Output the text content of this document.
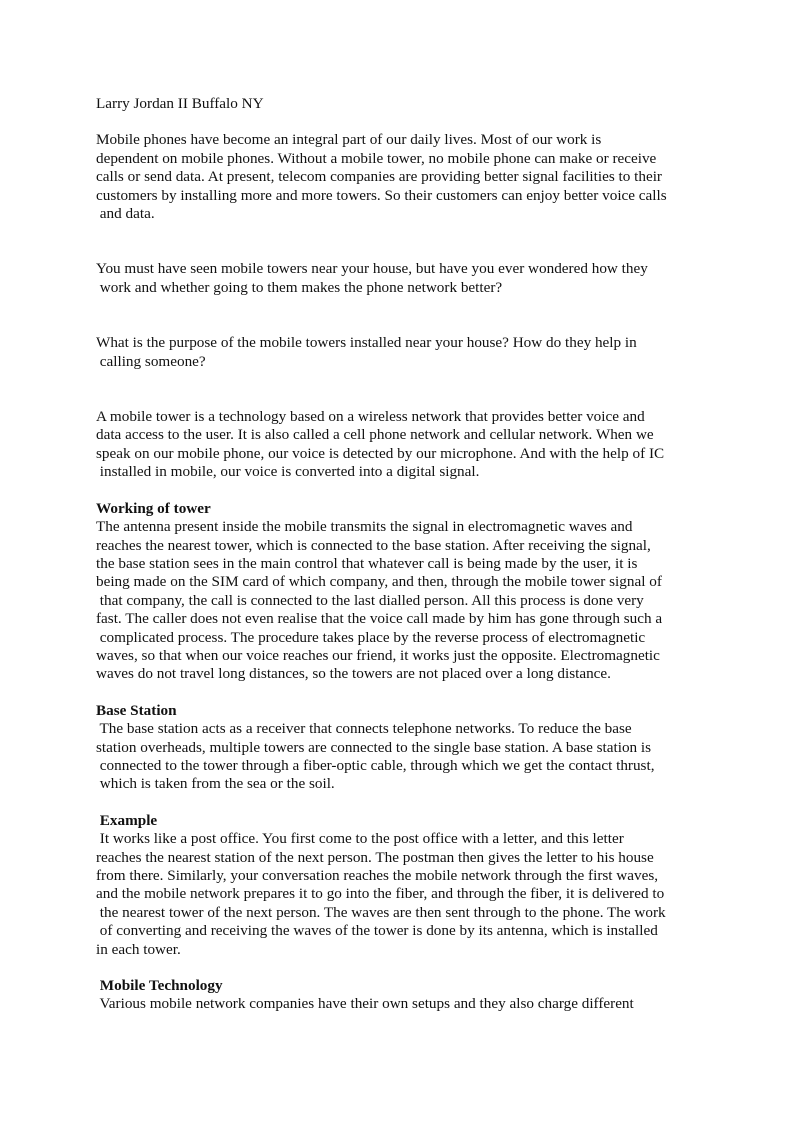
Larry Jordan II Buffalo NY
Mobile phones have become an integral part of our daily lives. Most of our work is
dependent on mobile phones. Without a mobile tower, no mobile phone can make or receive
calls or send data. At present, telecom companies are providing better signal facilities to their
customers by installing more and more towers. So their customers can enjoy better voice calls
and data.
You must have seen mobile towers near your house, but have you ever wondered how they
work and whether going to them makes the phone network better?
What is the purpose of the mobile towers installed near your house? How do they help in
calling someone?
A mobile tower is a technology based on a wireless network that provides better voice and
data access to the user. It is also called a cell phone network and cellular network. When we
speak on our mobile phone, our voice is detected by our microphone. And with the help of IC
installed in mobile, our voice is converted into a digital signal.
Working of tower
The antenna present inside the mobile transmits the signal in electromagnetic waves and
reaches the nearest tower, which is connected to the base station. After receiving the signal,
the base station sees in the main control that whatever call is being made by the user, it is
being made on the SIM card of which company, and then, through the mobile tower signal of
that company, the call is connected to the last dialled person. All this process is done very
fast. The caller does not even realise that the voice call made by him has gone through such a
complicated process. The procedure takes place by the reverse process of electromagnetic
waves, so that when our voice reaches our friend, it works just the opposite. Electromagnetic
waves do not travel long distances, so the towers are not placed over a long distance.
Base Station
The base station acts as a receiver that connects telephone networks. To reduce the base
station overheads, multiple towers are connected to the single base station. A base station is
connected to the tower through a fiber-optic cable, through which we get the contact thrust,
which is taken from the sea or the soil.
Example
It works like a post office. You first come to the post office with a letter, and this letter
reaches the nearest station of the next person. The postman then gives the letter to his house
from there. Similarly, your conversation reaches the mobile network through the first waves,
and the mobile network prepares it to go into the fiber, and through the fiber, it is delivered to
the nearest tower of the next person. The waves are then sent through to the phone. The work
of converting and receiving the waves of the tower is done by its antenna, which is installed
in each tower.
Mobile Technology
Various mobile network companies have their own setups and they also charge different
